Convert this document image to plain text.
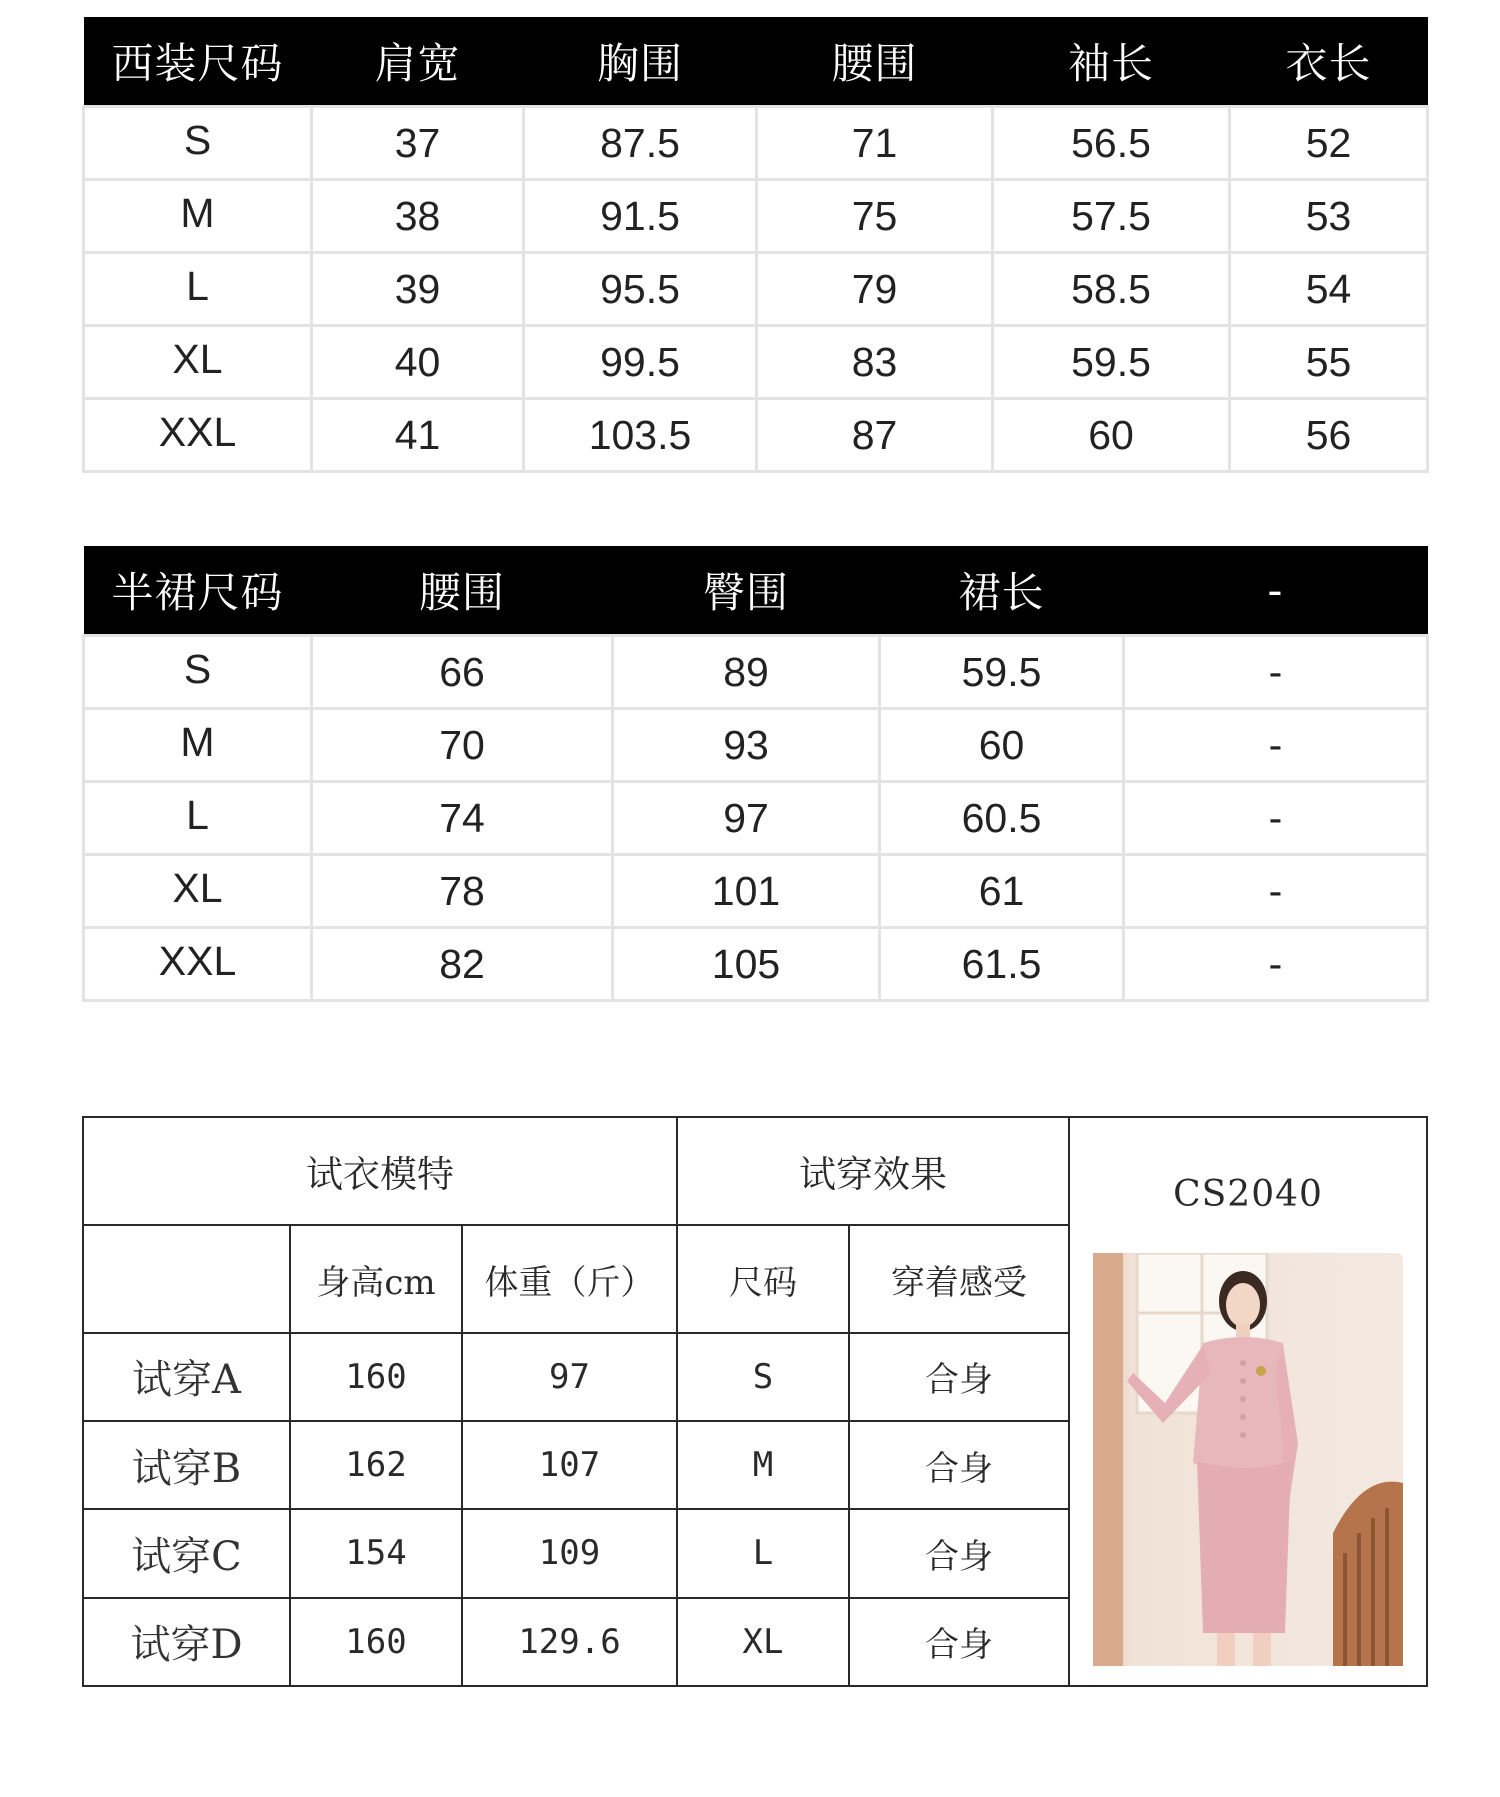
西装尺码	肩宽	胸围	腰围	袖长	衣长
S	37	87.5	71	56.5	52
M	38	91.5	75	57.5	53
L	39	95.5	79	58.5	54
XL	40	99.5	83	59.5	55
XXL	41	103.5	87	60	56
半裙尺码	腰围	臀围	裙长	-
S	66	89	59.5	-
M	70	93	60	-
L	74	97	60.5	-
XL	78	101	61	-
XXL	82	105	61.5	-
试衣模特			试穿效果		CS2040

	身高cm	体重（斤）	尺码	穿着感受	
试穿A	160	97	S	合身	
试穿B	162	107	M	合身	
试穿C	154	109	L	合身	
试穿D	160	129.6	XL	合身	
